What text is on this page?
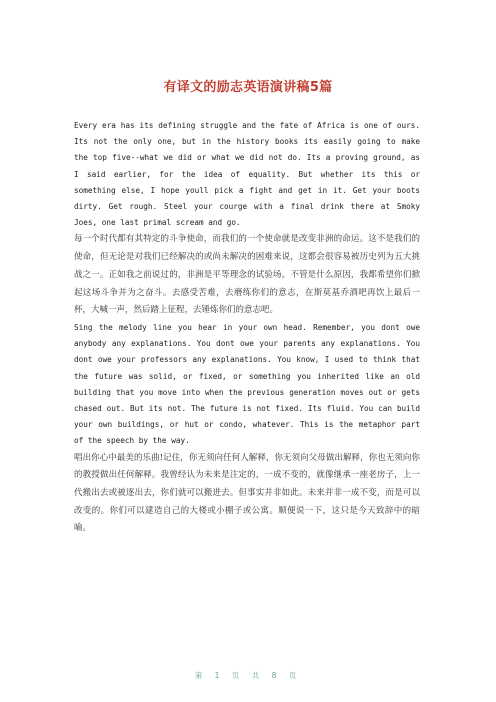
有译文的励志英语演讲稿5篇

Every era has its defining struggle and the fate of Africa is one of ours. Its not the only one, but in the history books its easily going to make the top five--what we did or what we did not do. Its a proving ground, as I said earlier, for the idea of equality. But whether its this or something else, I hope youll pick a fight and get in it. Get your boots dirty. Get rough. Steel your courge with a final drink there at Smoky Joes, one last primal scream and go.

每一个时代都有其特定的斗争使命，而我们的一个使命就是改变非洲的命运。这不是我们的使命，但无论是对我们已经解决的或尚未解决的困难来说，这都会很容易被历史列为五大挑战之一。正如我之前说过的，非洲是平等理念的试验场。不管是什么原因，我都希望你们掀起这场斗争并为之奋斗。去感受苦难，去磨练你们的意志，在斯莫基乔酒吧再饮上最后一杯，大喊一声，然后踏上征程，去锤炼你们的意志吧。

Sing the melody line you hear in your own head. Remember, you dont owe anybody any explanations. You dont owe your parents any explanations. You dont owe your professors any explanations. You know, I used to think that the future was solid, or fixed, or something you inherited like an old building that you move into when the previous generation moves out or gets chased out. But its not. The future is not fixed. Its fluid. You can build your own buildings, or hut or condo, whatever. This is the metaphor part of the speech by the way.

唱出你心中最美的乐曲!记住，你无须向任何人解释，你无须向父母做出解释，你也无须向你的教授做出任何解释。我曾经认为未来是注定的，一成不变的，就像继承一座老房子，上一代搬出去或被逐出去，你们就可以搬进去。但事实并非如此。未来并非一成不变，而是可以改变的。你们可以建造自己的大楼或小棚子或公寓。顺便说一下，这只是今天致辞中的暗喻。

第 1 页 共 8 页
